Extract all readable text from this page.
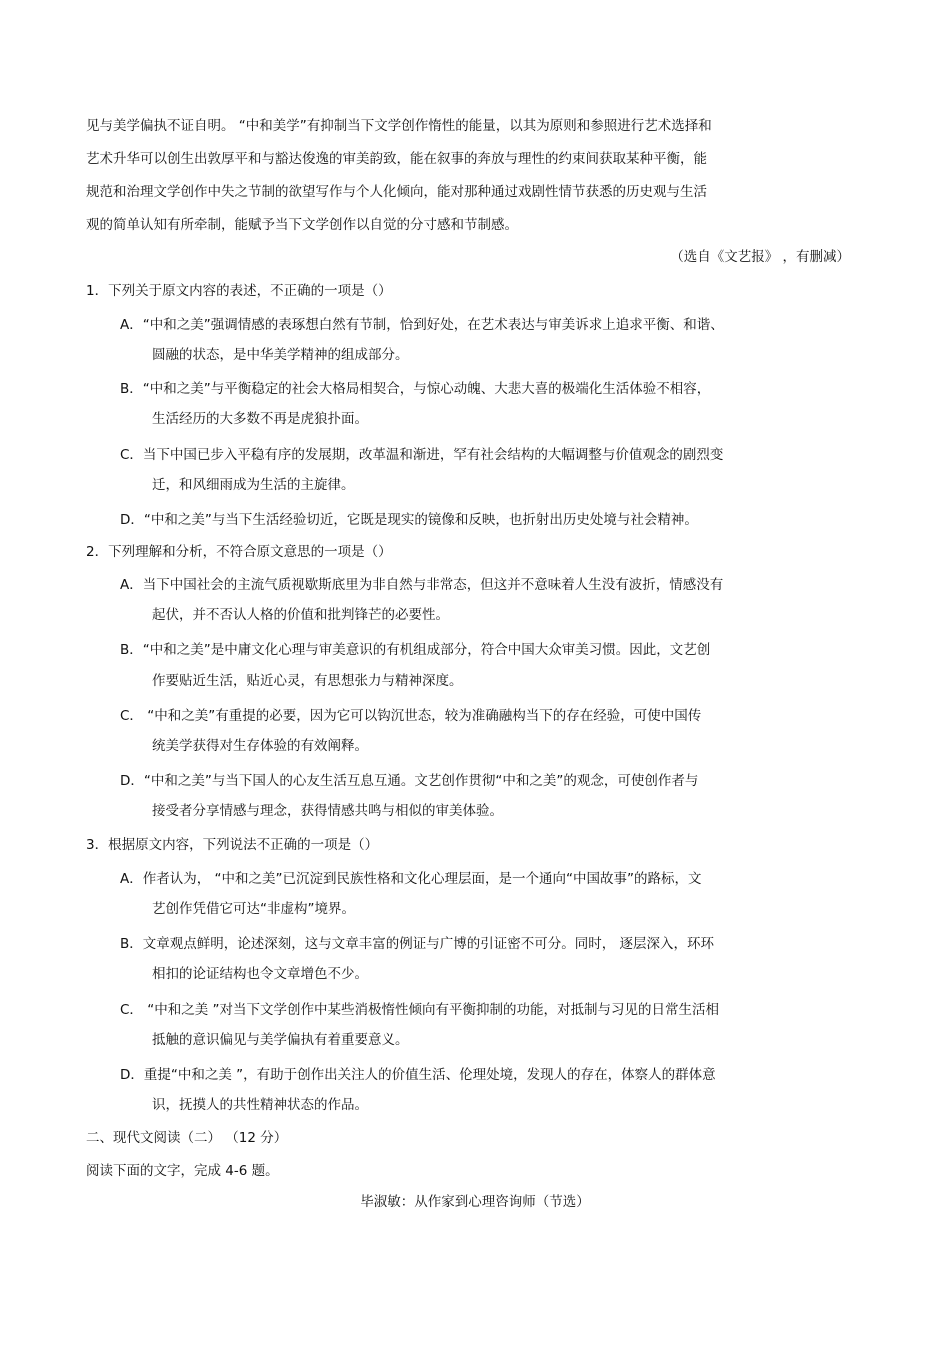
见与美学偏执不证自明。 “中和美学”有抑制当下文学创作惰性的能量，以其为原则和参照进行艺术选择和
艺术升华可以创生出敦厚平和与豁达俊逸的审美韵致，能在叙事的奔放与理性的约束间获取某种平衡，能
规范和治理文学创作中失之节制的欲望写作与个人化倾向，能对那种通过戏剧性情节获悉的历史观与生活
观的简单认知有所牵制，能赋予当下文学创作以自觉的分寸感和节制感。
（选自《文艺报》 ，有删减）
1．下列关于原文内容的表述，不正确的一项是（）
A．“中和之美”强调情感的表琢想白然有节制，恰到好处，在艺术表达与审美诉求上追求平衡、和谐、
圆融的状态，是中华美学精神的组成部分。
B．“中和之美”与平衡稳定的社会大格局相契合，与惊心动魄、大悲大喜的极端化生活体验不相容，
生活经历的大多数不再是虎狼扑面。
C．当下中国已步入平稳有序的发展期，改革温和渐进，罕有社会结构的大幅调整与价值观念的剧烈变
迁，和风细雨成为生活的主旋律。
D．“中和之美”与当下生活经验切近，它既是现实的镜像和反映，也折射出历史处境与社会精神。
2．下列理解和分析，不符合原文意思的一项是（）
A．当下中国社会的主流气质视歇斯底里为非自然与非常态，但这并不意味着人生没有波折，情感没有
起伏，并不否认人格的价值和批判锋芒的必要性。
B．“中和之美”是中庸文化心理与审美意识的有机组成部分，符合中国大众审美习惯。因此，文艺创
作要贴近生活，贴近心灵，有思想张力与精神深度。
C． “中和之美”有重提的必要，因为它可以钩沉世态，较为准确融构当下的存在经验，可使中国传
统美学获得对生存体验的有效阐释。
D．“中和之美”与当下国人的心友生活互息互通。文艺创作贯彻“中和之美”的观念，可使创作者与
接受者分享情感与理念，获得情感共鸣与相似的审美体验。
3．根据原文内容，下列说法不正确的一项是（）
A．作者认为， “中和之美”已沉淀到民族性格和文化心理层面，是一个通向“中国故事”的路标，文
艺创作凭借它可达“非虚构”境界。
B．文章观点鲜明，论述深刻，这与文章丰富的例证与广博的引证密不可分。同时， 逐层深入，环环
相扣的论证结构也令文章增色不少。
C． “中和之美 ”对当下文学创作中某些消极惰性倾向有平衡抑制的功能，对抵制与习见的日常生活相
抵触的意识偏见与美学偏执有着重要意义。
D．重提“中和之美 ”，有助于创作出关注人的价值生活、伦理处境，发现人的存在，体察人的群体意
识，抚摸人的共性精神状态的作品。
二、现代文阅读（二） （12 分）
阅读下面的文字，完成 4-6 题。
毕淑敏：从作家到心理咨询师（节选）
